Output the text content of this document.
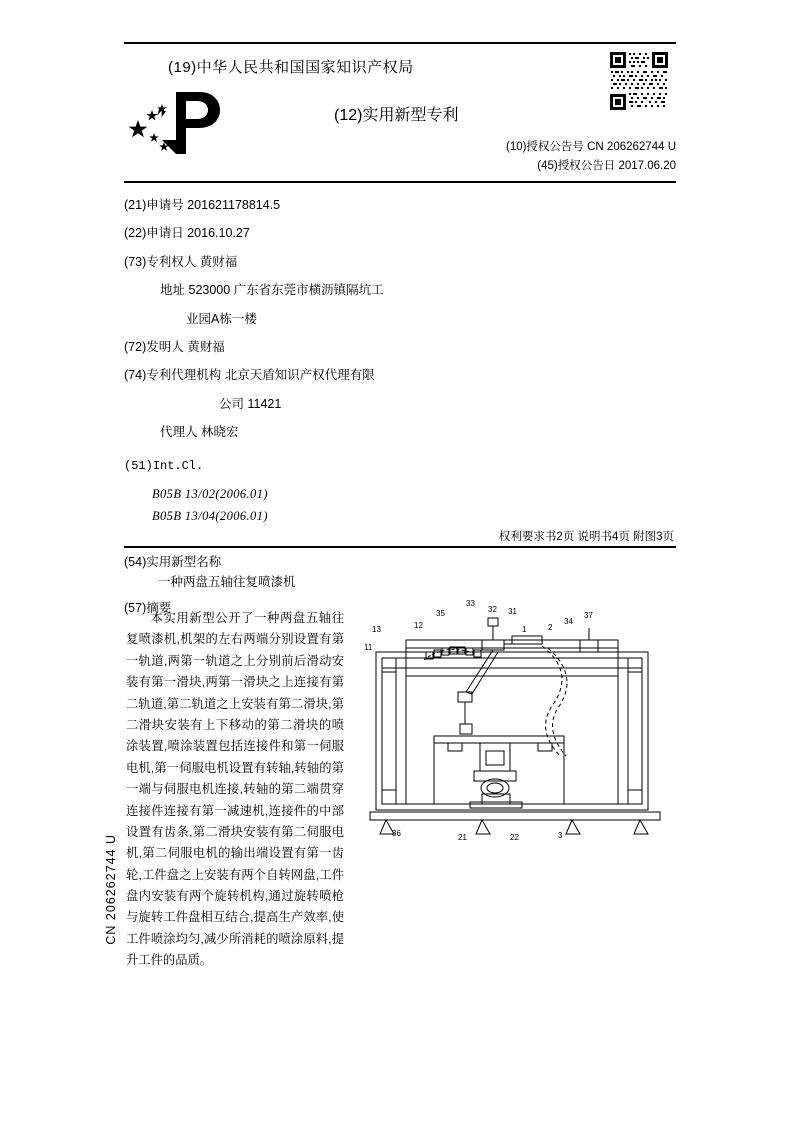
(19)中华人民共和国国家知识产权局
(12)实用新型专利
(10)授权公告号 CN 206262744 U
(45)授权公告日 2017.06.20
(21)申请号 201621178814.5
(22)申请日 2016.10.27
(73)专利权人 黄财福
地址 523000 广东省东莞市横沥镇隔坑工
业园A栋一楼
(72)发明人 黄财福
(74)专利代理机构 北京天盾知识产权代理有限
公司 11421
代理人 林晓宏
(51)Int.Cl.
B05B 13/02(2006.01)
B05B 13/04(2006.01)
权利要求书2页 说明书4页 附图3页
(54)实用新型名称
一种两盘五轴往复喷漆机
(57)摘要

本实用新型公开了一种两盘五轴往复喷漆机,机架的左右两端分别设置有第一轨道,两第一轨道之上分别前后滑动安装有第一滑块,两第一滑块之上连接有第二轨道,第二轨道之上安装有第二滑块,第二滑块安装有上下移动的第二滑块的喷涂装置,喷涂装置包括连接件和第一伺服电机,第一伺服电机设置有转轴,转轴的第一端与伺服电机连接,转轴的第二端贯穿连接件连接有第一减速机,连接件的中部设置有齿条,第二滑块安装有第二伺服电机,第二伺服电机的输出端设置有第一齿轮,工件盘之上安装有两个自转网盘,工件盘内安装有两个旋转机构,通过旋转喷枪与旋转工件盘相互结合,提高生产效率,使工件喷涂均匀,减少所消耗的喷涂原料,提升工件的品质。

32
33
31
35	37
13	12	1	2
34
11
36	21	22	3
CN 206262744 U
